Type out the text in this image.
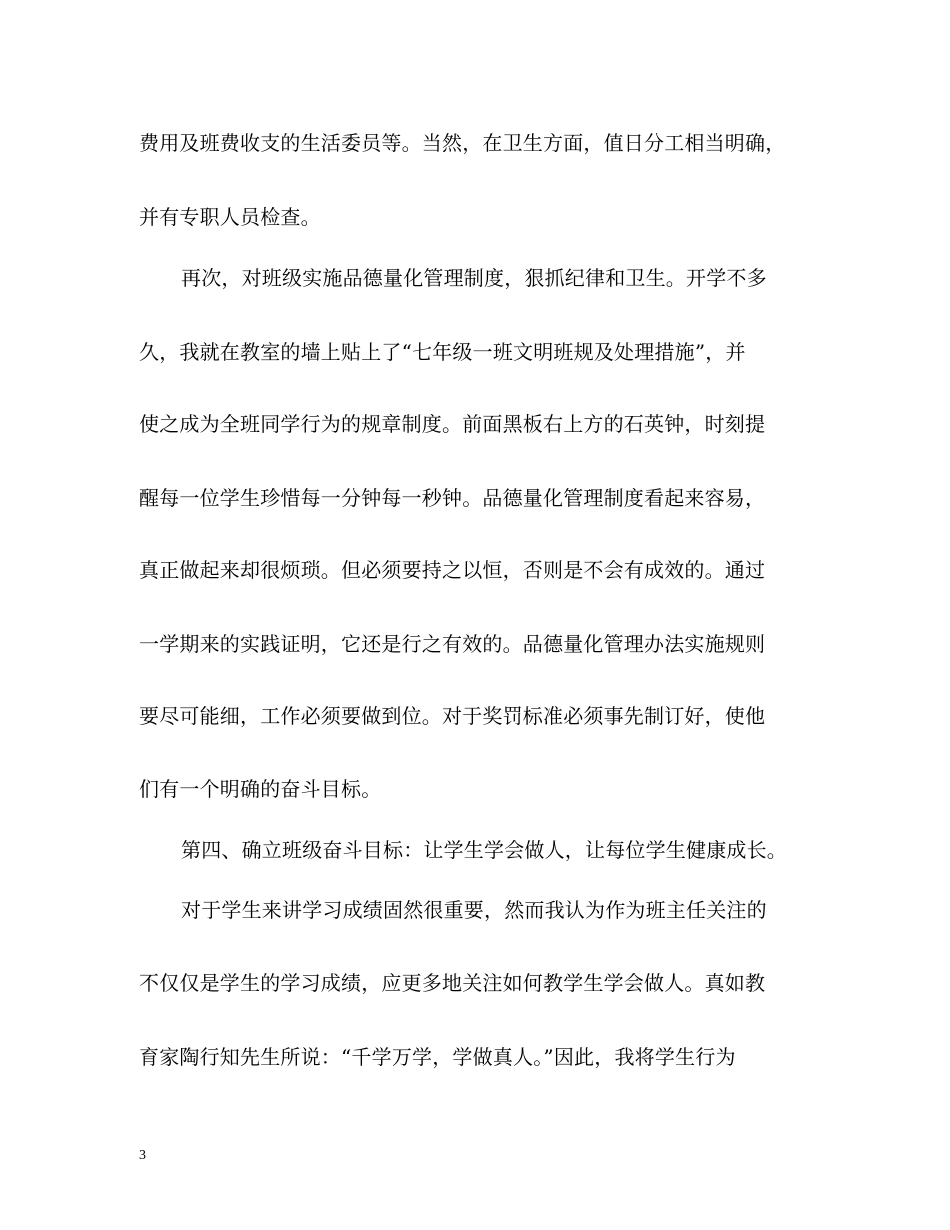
费用及班费收支的生活委员等。当然，在卫生方面，值日分工相当明确，
并有专职人员检查。
再次，对班级实施品德量化管理制度，狠抓纪律和卫生。开学不多
久，我就在教室的墙上贴上了“七年级一班文明班规及处理措施”，并
使之成为全班同学行为的规章制度。前面黑板右上方的石英钟，时刻提
醒每一位学生珍惜每一分钟每一秒钟。品德量化管理制度看起来容易，
真正做起来却很烦琐。但必须要持之以恒，否则是不会有成效的。通过
一学期来的实践证明，它还是行之有效的。品德量化管理办法实施规则
要尽可能细，工作必须要做到位。对于奖罚标准必须事先制订好，使他
们有一个明确的奋斗目标。
第四、确立班级奋斗目标：让学生学会做人，让每位学生健康成长。
对于学生来讲学习成绩固然很重要，然而我认为作为班主任关注的
不仅仅是学生的学习成绩，应更多地关注如何教学生学会做人。真如教
育家陶行知先生所说：“千学万学，学做真人。”因此，我将学生行为
3
